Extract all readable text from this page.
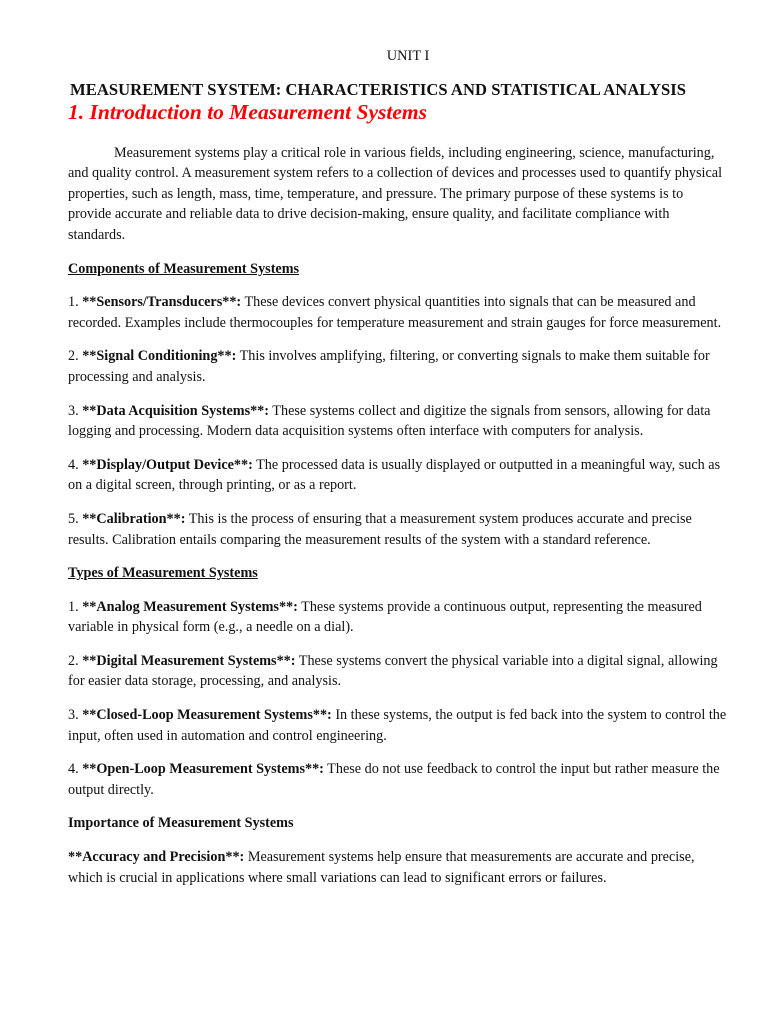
UNIT I
MEASUREMENT SYSTEM: CHARACTERISTICS AND STATISTICAL ANALYSIS
1. Introduction to Measurement Systems

Measurement systems play a critical role in various fields, including engineering, science, manufacturing, and quality control. A measurement system refers to a collection of devices and processes used to quantify physical properties, such as length, mass, time, temperature, and pressure. The primary purpose of these systems is to provide accurate and reliable data to drive decision-making, ensure quality, and facilitate compliance with standards.

Components of Measurement Systems

1. **Sensors/Transducers**: These devices convert physical quantities into signals that can be measured and recorded. Examples include thermocouples for temperature measurement and strain gauges for force measurement.

2. **Signal Conditioning**: This involves amplifying, filtering, or converting signals to make them suitable for processing and analysis.

3. **Data Acquisition Systems**: These systems collect and digitize the signals from sensors, allowing for data logging and processing. Modern data acquisition systems often interface with computers for analysis.

4. **Display/Output Device**: The processed data is usually displayed or outputted in a meaningful way, such as on a digital screen, through printing, or as a report.

5. **Calibration**: This is the process of ensuring that a measurement system produces accurate and precise results. Calibration entails comparing the measurement results of the system with a standard reference.

Types of Measurement Systems

1. **Analog Measurement Systems**: These systems provide a continuous output, representing the measured variable in physical form (e.g., a needle on a dial).

2. **Digital Measurement Systems**: These systems convert the physical variable into a digital signal, allowing for easier data storage, processing, and analysis.

3. **Closed-Loop Measurement Systems**: In these systems, the output is fed back into the system to control the input, often used in automation and control engineering.

4. **Open-Loop Measurement Systems**: These do not use feedback to control the input but rather measure the output directly.

Importance of Measurement Systems

**Accuracy and Precision**: Measurement systems help ensure that measurements are accurate and precise, which is crucial in applications where small variations can lead to significant errors or failures.
